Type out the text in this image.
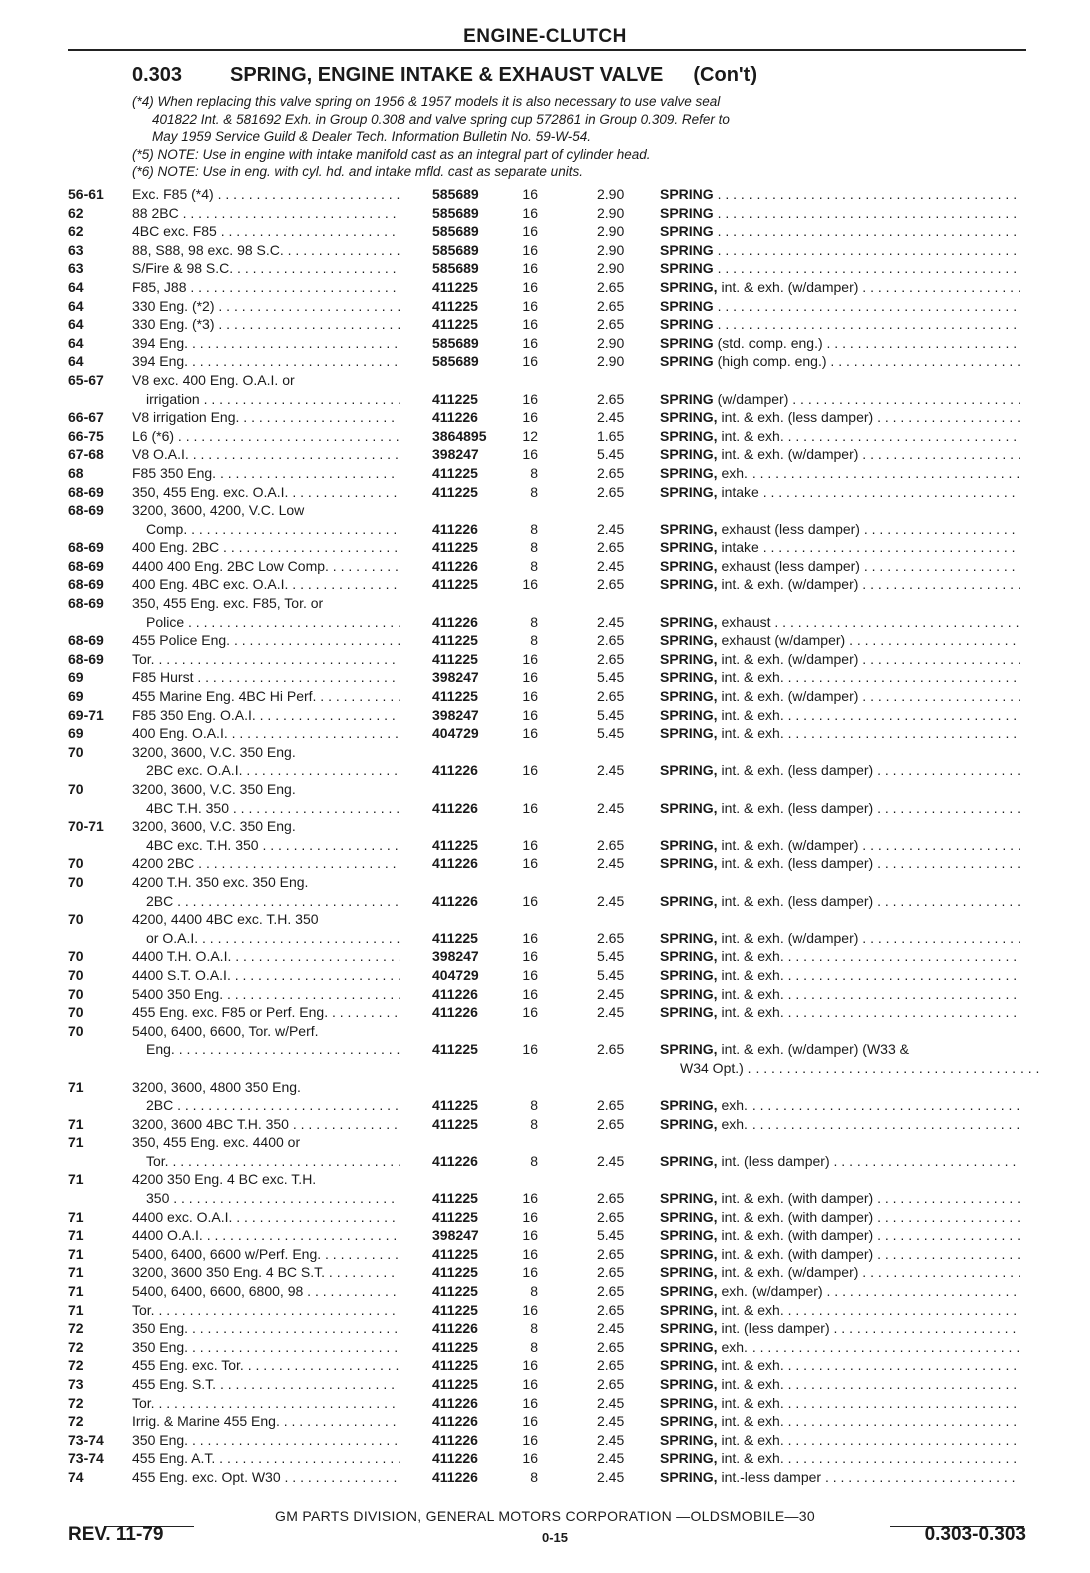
ENGINE-CLUTCH
0.303 SPRING, ENGINE INTAKE & EXHAUST VALVE (Con't)
(*4) When replacing this valve spring on 1956 & 1957 models it is also necessary to use valve seal
401822 Int. & 581692 Exh. in Group 0.308 and valve spring cup 572861 in Group 0.309. Refer to
May 1959 Service Guild & Dealer Tech. Information Bulletin No. 59-W-54.
(*5) NOTE: Use in engine with intake manifold cast as an integral part of cylinder head.
(*6) NOTE: Use in eng. with cyl. hd. and intake mfld. cast as separate units.
56-61 Exc. F85 (*4) . . .	585689	16	2.90	SPRING . . .
62	88 2BC . . .	585689	16	2.90	SPRING . . .
62	4BC exc. F85 . . .	585689	16	2.90	SPRING . . .
63	88, S88, 98 exc. 98 S.C. . . .	585689	16	2.90	SPRING . . .
63	S/Fire & 98 S.C. . . .	585689	16	2.90	SPRING . . .
64	F85, J88 . . .	411225	16	2.65	SPRING, int. & exh. (w/damper) . . .
64	330 Eng. (*2) . . .	411225	16	2.65	SPRING . . .
64	330 Eng. (*3) . . .	411225	16	2.65	SPRING . . .
64	394 Eng. . . .	585689	16	2.90	SPRING (std. comp. eng.) . . .
64	394 Eng. . . .	585689	16	2.90	SPRING (high comp. eng.) . . .
65-67 V8 exc. 400 Eng. O.A.I. or
irrigation . . .	411225	16	2.65	SPRING (w/damper) . . .
66-67 V8 irrigation Eng. . . .	411226	16	2.45	SPRING, int. & exh. (less damper) . . .
66-75 L6 (*6) . . .	3864895	12	1.65	SPRING, int. & exh. . . .
67-68 V8 O.A.I. . . .	398247	16	5.45	SPRING, int. & exh. (w/damper) . . .
68	F85 350 Eng. . . .	411225	8	2.65	SPRING, exh. . . .
68-69 350, 455 Eng. exc. O.A.I. . . .	411225	8	2.65	SPRING, intake . . .
68-69 3200, 3600, 4200, V.C. Low
Comp. . . .	411226	8	2.45	SPRING, exhaust (less damper) . . .
68-69 400 Eng. 2BC . . .	411225	8	2.65	SPRING, intake . . .
68-69 4400 400 Eng. 2BC Low Comp. . . .	411226	8	2.45	SPRING, exhaust (less damper) . . .
68-69 400 Eng. 4BC exc. O.A.I. . . .	411225	16	2.65	SPRING, int. & exh. (w/damper) . . .
68-69 350, 455 Eng. exc. F85, Tor. or
Police . . .	411226	8	2.45	SPRING, exhaust . . .
68-69 455 Police Eng. . . .	411225	8	2.65	SPRING, exhaust (w/damper) . . .
68-69 Tor. . . .	411225	16	2.65	SPRING, int. & exh. (w/damper) . . .
69	F85 Hurst . . .	398247	16	5.45	SPRING, int. & exh. . . .
69	455 Marine Eng. 4BC Hi Perf. . . .	411225	16	2.65	SPRING, int. & exh. (w/damper) . . .
69-71 F85 350 Eng. O.A.I. . . .	398247	16	5.45	SPRING, int. & exh. . . .
69	400 Eng. O.A.I. . . .	404729	16	5.45	SPRING, int. & exh. . . .
70	3200, 3600, V.C. 350 Eng.
2BC exc. O.A.I. . . .	411226	16	2.45	SPRING, int. & exh. (less damper) . . .
70	3200, 3600, V.C. 350 Eng.
4BC T.H. 350 . . .	411226	16	2.45	SPRING, int. & exh. (less damper) . . .
70-71 3200, 3600, V.C. 350 Eng.
4BC exc. T.H. 350 . . .	411225	16	2.65	SPRING, int. & exh. (w/damper) . . .
70	4200 2BC . . .	411226	16	2.45	SPRING, int. & exh. (less damper) . . .
70	4200 T.H. 350 exc. 350 Eng.
2BC . . .	411226	16	2.45	SPRING, int. & exh. (less damper) . . .
70	4200, 4400 4BC exc. T.H. 350
or O.A.I. . . .	411225	16	2.65	SPRING, int. & exh. (w/damper) . . .
70	4400 T.H. O.A.I. . . .	398247	16	5.45	SPRING, int. & exh. . . .
70	4400 S.T. O.A.I. . . .	404729	16	5.45	SPRING, int. & exh. . . .
70	5400 350 Eng. . . .	411226	16	2.45	SPRING, int. & exh. . . .
70	455 Eng. exc. F85 or Perf. Eng. . . .	411226	16	2.45	SPRING, int. & exh. . . .
70	5400, 6400, 6600, Tor. w/Perf.
Eng. . . .	411225	16	2.65	SPRING, int. & exh. (w/damper) (W33 &
W34 Opt.) . . .
71	3200, 3600, 4800 350 Eng.
2BC . . .	411225	8	2.65	SPRING, exh. . . .
71	3200, 3600 4BC T.H. 350 . . .	411225	8	2.65	SPRING, exh. . . .
71	350, 455 Eng. exc. 4400 or
Tor. . . .	411226	8	2.45	SPRING, int. (less damper) . . .
71	4200 350 Eng. 4 BC exc. T.H.
350 . . .	411225	16	2.65	SPRING, int. & exh. (with damper) . . .
71	4400 exc. O.A.I. . . .	411225	16	2.65	SPRING, int. & exh. (with damper) . . .
71	4400 O.A.I. . . .	398247	16	5.45	SPRING, int. & exh. (with damper) . . .
71	5400, 6400, 6600 w/Perf. Eng. . . .	411225	16	2.65	SPRING, int. & exh. (with damper) . . .
71	3200, 3600 350 Eng. 4 BC S.T. . . .	411225	16	2.65	SPRING, int. & exh. (w/damper) . . .
71	5400, 6400, 6600, 6800, 98 . . .	411225	8	2.65	SPRING, exh. (w/damper) . . .
71	Tor. . . .	411225	16	2.65	SPRING, int. & exh. . . .
72	350 Eng. . . .	411226	8	2.45	SPRING, int. (less damper) . . .
72	350 Eng. . . .	411225	8	2.65	SPRING, exh. . . .
72	455 Eng. exc. Tor. . . .	411225	16	2.65	SPRING, int. & exh. . . .
73	455 Eng. S.T. . . .	411225	16	2.65	SPRING, int. & exh. . . .
72	Tor. . . .	411226	16	2.45	SPRING, int. & exh. . . .
72	Irrig. & Marine 455 Eng. . . .	411226	16	2.45	SPRING, int. & exh. . . .
73-74 350 Eng. . . .	411226	16	2.45	SPRING, int. & exh. . . .
73-74 455 Eng. A.T. . . .	411226	16	2.45	SPRING, int. & exh. . . .
74	455 Eng. exc. Opt. W30 . . .	411226	8	2.45	SPRING, int.-less damper . . .
GM PARTS DIVISION, GENERAL MOTORS CORPORATION —OLDSMOBILE—30
REV. 11-79	0-15	0.303-0.303
